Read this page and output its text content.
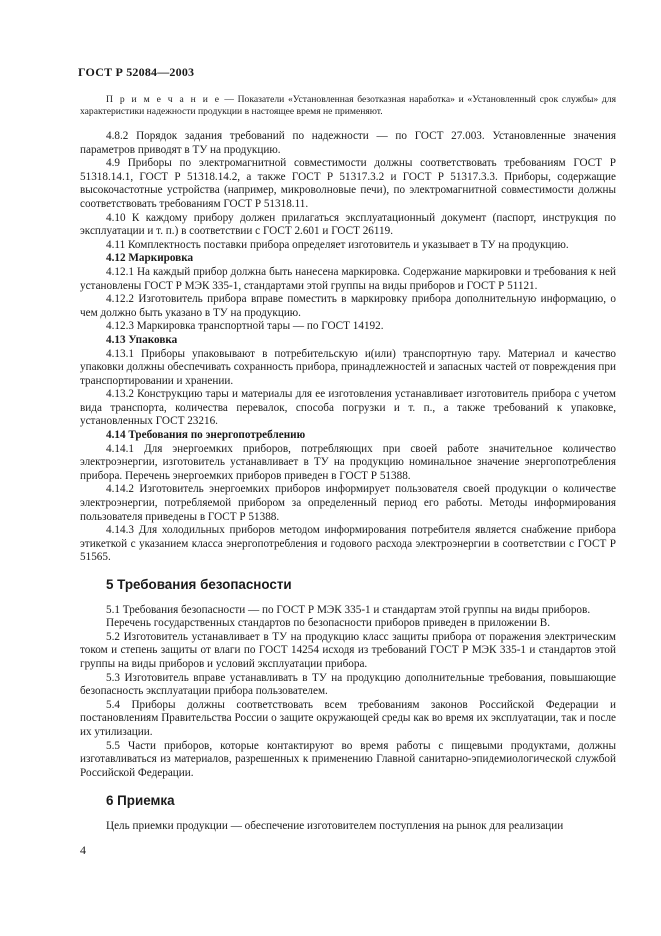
ГОСТ Р 52084—2003

П р и м е ч а н и е — Показатели «Установленная безотказная наработка» и «Установленный срок службы» для характеристики надежности продукции в настоящее время не применяют.

4.8.2 Порядок задания требований по надежности — по ГОСТ 27.003. Установленные значения параметров приводят в ТУ на продукцию.

4.9 Приборы по электромагнитной совместимости должны соответствовать требованиям ГОСТ Р 51318.14.1, ГОСТ Р 51318.14.2, а также ГОСТ Р 51317.3.2 и ГОСТ Р 51317.3.3. Приборы, содержащие высокочастотные устройства (например, микроволновые печи), по электромагнитной совместимости должны соответствовать требованиям ГОСТ Р 51318.11.

4.10 К каждому прибору должен прилагаться эксплуатационный документ (паспорт, инструкция по эксплуатации и т. п.) в соответствии с ГОСТ 2.601 и ГОСТ 26119.

4.11 Комплектность поставки прибора определяет изготовитель и указывает в ТУ на продукцию.

4.12 Маркировка

4.12.1 На каждый прибор должна быть нанесена маркировка. Содержание маркировки и требования к ней установлены ГОСТ Р МЭК 335-1, стандартами этой группы на виды приборов и ГОСТ Р 51121.

4.12.2 Изготовитель прибора вправе поместить в маркировку прибора дополнительную информацию, о чем должно быть указано в ТУ на продукцию.

4.12.3 Маркировка транспортной тары — по ГОСТ 14192.

4.13 Упаковка

4.13.1 Приборы упаковывают в потребительскую и(или) транспортную тару. Материал и качество упаковки должны обеспечивать сохранность прибора, принадлежностей и запасных частей от повреждения при транспортировании и хранении.

4.13.2 Конструкцию тары и материалы для ее изготовления устанавливает изготовитель прибора с учетом вида транспорта, количества перевалок, способа погрузки и т. п., а также требований к упаковке, установленных ГОСТ 23216.

4.14 Требования по энергопотреблению

4.14.1 Для энергоемких приборов, потребляющих при своей работе значительное количество электроэнергии, изготовитель устанавливает в ТУ на продукцию номинальное значение энергопотребления прибора. Перечень энергоемких приборов приведен в ГОСТ Р 51388.

4.14.2 Изготовитель энергоемких приборов информирует пользователя своей продукции о количестве электроэнергии, потребляемой прибором за определенный период его работы. Методы информирования пользователя приведены в ГОСТ Р 51388.

4.14.3 Для холодильных приборов методом информирования потребителя является снабжение прибора этикеткой с указанием класса энергопотребления и годового расхода электроэнергии в соответствии с ГОСТ Р 51565.

5 Требования безопасности

5.1 Требования безопасности — по ГОСТ Р МЭК 335-1 и стандартам этой группы на виды приборов.

Перечень государственных стандартов по безопасности приборов приведен в приложении В.

5.2 Изготовитель устанавливает в ТУ на продукцию класс защиты прибора от поражения электрическим током и степень защиты от влаги по ГОСТ 14254 исходя из требований ГОСТ Р МЭК 335-1 и стандартов этой группы на виды приборов и условий эксплуатации прибора.

5.3 Изготовитель вправе устанавливать в ТУ на продукцию дополнительные требования, повышающие безопасность эксплуатации прибора пользователем.

5.4 Приборы должны соответствовать всем требованиям законов Российской Федерации и постановлениям Правительства России о защите окружающей среды как во время их эксплуатации, так и после их утилизации.

5.5 Части приборов, которые контактируют во время работы с пищевыми продуктами, должны изготавливаться из материалов, разрешенных к применению Главной санитарно-эпидемиологической службой Российской Федерации.

6 Приемка

Цель приемки продукции — обеспечение изготовителем поступления на рынок для реализации

4
